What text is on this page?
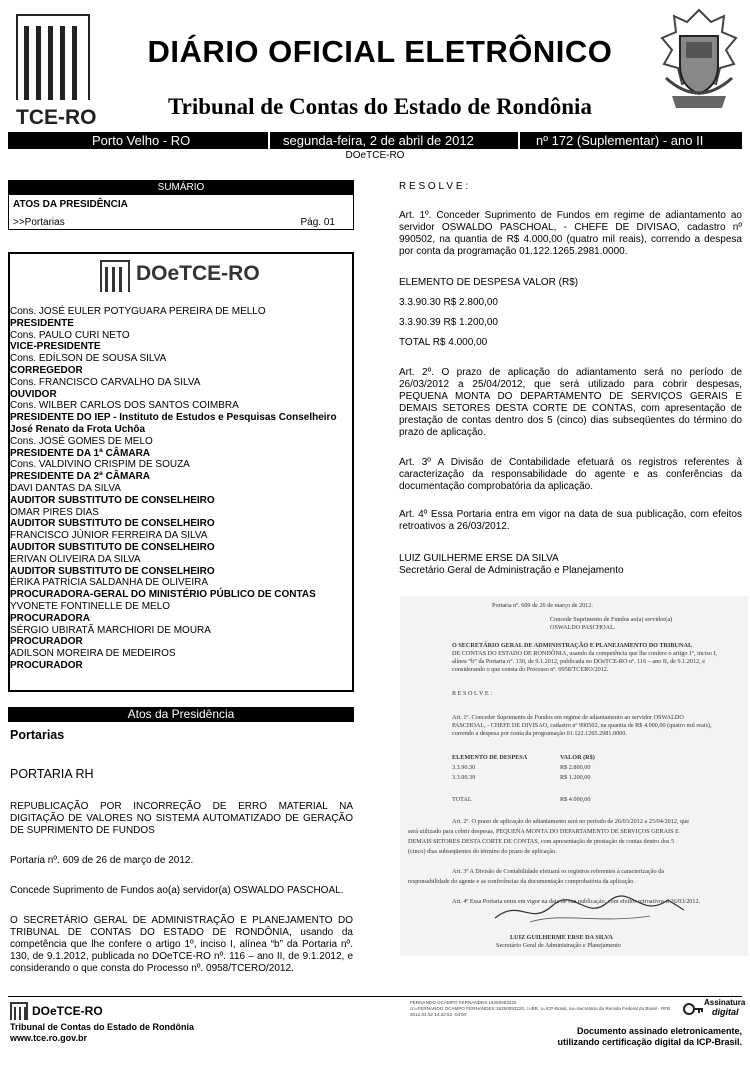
TCE-RO
DIÁRIO OFICIAL ELETRÔNICO
Tribunal de Contas do Estado de Rondônia
Porto Velho - RO	segunda-feira, 2 de abril de 2012	nº 172 (Suplementar) - ano II
DOeTCE-RO
SUMÁRIO
ATOS DA PRESIDÊNCIA
>>Portarias	Pág. 01
DOeTCE-RO
Cons. JOSÉ EULER POTYGUARA PEREIRA DE MELLO
PRESIDENTE
Cons. PAULO CURI NETO
VICE-PRESIDENTE
Cons. EDÍLSON DE SOUSA SILVA
CORREGEDOR
Cons. FRANCISCO CARVALHO DA SILVA
OUVIDOR
Cons. WILBER CARLOS DOS SANTOS COIMBRA
PRESIDENTE DO IEP - Instituto de Estudos e Pesquisas Conselheiro
José Renato da Frota Uchôa
Cons. JOSÉ GOMES DE MELO
PRESIDENTE DA 1ª CÂMARA
Cons. VALDIVINO CRISPIM DE SOUZA
PRESIDENTE DA 2ª CÂMARA
DAVI DANTAS DA SILVA
AUDITOR SUBSTITUTO DE CONSELHEIRO
OMAR PIRES DIAS
AUDITOR SUBSTITUTO DE CONSELHEIRO
FRANCISCO JÚNIOR FERREIRA DA SILVA
AUDITOR SUBSTITUTO DE CONSELHEIRO
ERIVAN OLIVEIRA DA SILVA
AUDITOR SUBSTITUTO DE CONSELHEIRO
ÉRIKA PATRÍCIA SALDANHA DE OLIVEIRA
PROCURADORA-GERAL DO MINISTÉRIO PÚBLICO DE CONTAS
YVONETE FONTINELLE DE MELO
PROCURADORA
SÉRGIO UBIRATÃ MARCHIORI DE MOURA
PROCURADOR
ADILSON MOREIRA DE MEDEIROS
PROCURADOR
Atos da Presidência
Portarias
PORTARIA RH
REPUBLICAÇÃO POR INCORREÇÃO DE ERRO MATERIAL NA DIGITAÇÃO DE VALORES NO SISTEMA AUTOMATIZADO DE GERAÇÃO DE SUPRIMENTO DE FUNDOS
Portaria nº. 609 de 26 de março de 2012.
Concede Suprimento de Fundos ao(a) servidor(a) OSWALDO PASCHOAL.
O SECRETÁRIO GERAL DE ADMINISTRAÇÃO E PLANEJAMENTO DO TRIBUNAL DE CONTAS DO ESTADO DE RONDÔNIA, usando da competência que lhe confere o artigo 1º, inciso I, alínea “b” da Portaria nº. 130, de 9.1.2012, publicada no DOeTCE-RO nº. 116 – ano II, de 9.1.2012, e considerando o que consta do Processo nº. 0958/TCERO/2012.
R E S O L V E :
Art. 1º. Conceder Suprimento de Fundos em regime de adiantamento ao servidor OSWALDO PASCHOAL, - CHEFE DE DIVISAO, cadastro nº 990502, na quantia de R$ 4.000,00 (quatro mil reais), correndo a despesa por conta da programação 01.122.1265.2981.0000.
ELEMENTO DE DESPESA VALOR (R$)
3.3.90.30 R$ 2.800,00
3.3.90.39 R$ 1.200,00
TOTAL R$ 4.000,00
Art. 2º. O prazo de aplicação do adiantamento será no período de 26/03/2012 a 25/04/2012, que será utilizado para cobrir despesas, PEQUENA MONTA DO DEPARTAMENTO DE SERVIÇOS GERAIS E DEMAIS SETORES DESTA CORTE DE CONTAS, com apresentação de prestação de contas dentro dos 5 (cinco) dias subseqüentes do término do prazo de aplicação.
Art. 3º A Divisão de Contabilidade efetuará os registros referentes à caracterização da responsabilidade do agente e as conferências da documentação comprobatória da aplicação.
Art. 4º Essa Portaria entra em vigor na data de sua publicação, com efeitos retroativos a 26/03/2012.
LUIZ GUILHERME ERSE DA SILVA
Secretário Geral de Administração e Planejamento
Portaria nº. 609 de 26 de março de 2012.
Concede Suprimento de Fundos ao(a) servidor(a)
OSWALDO PASCHOAL.
O SECRETÁRIO GERAL DE ADMINISTRAÇÃO E PLANEJAMENTO DO TRIBUNAL
DE CONTAS DO ESTADO DE RONDÔNIA, usando da competência que lhe confere o artigo 1º, inciso I,
alínea “b” da Portaria n°. 130, de 9.1.2012, publicada no DOeTCE-RO nº. 116 – ano II, de 9.1.2012, e
considerando o que consta do Processo nº. 0958/TCERO/2012.
R E S O L V E :
Art. 1º. Conceder Suprimento de Fundos em regime de adiantamento ao servidor OSWALDO
PASCHOAL, - CHEFE DE DIVISAO, cadastro nº 990502, na quantia de R$ 4.000,00 (quatro mil reais),
correndo a despesa por conta da programação 01.122.1265.2981.0000.
ELEMENTO DE DESPESA	VALOR (R$)
3.3.90.30	R$ 2.800,00
3.3.90.39	R$ 1.200,00
TOTAL	R$ 4.000,00
Art. 2º. O prazo de aplicação do adiantamento será no período de 26/03/2012 a 25/04/2012, que
será utilizado para cobrir despesas, PEQUENA MONTA DO DEPARTAMENTO DE SERVIÇOS GERAIS E
DEMAIS SETORES DESTA CORTE DE CONTAS, com apresentação de prestação de contas dentro dos 5
(cinco) dias subseqüentes do término do prazo de aplicação.
Art. 3º A Divisão de Contabilidade efetuará os registros referentes à caracterização da
responsabilidade do agente e as conferências da documentação comprobatória da aplicação.
Art. 4º Essa Portaria entra em vigor na data de sua publicação, com efeitos retroativos a 26/03/2012.
LUIZ GUILHERME ERSE DA SILVA
Secretário Geral de Administração e Planejamento
DOeTCE-RO
Tribunal de Contas do Estado de Rondônia
www.tce.ro.gov.br
FERNANDO OCAMPO FERNANDES:16250093220
cn=FERNANDO OCAMPO FERNANDES:16250093220, c=BR, o=ICP-Brasil, ou=Secretaria da Receita Federal do Brasil - RFB
2012.04.02 14:32:52 -04'00'
Assinatura
digital
Documento assinado eletronicamente,
utilizando certificação digital da ICP-Brasil.
